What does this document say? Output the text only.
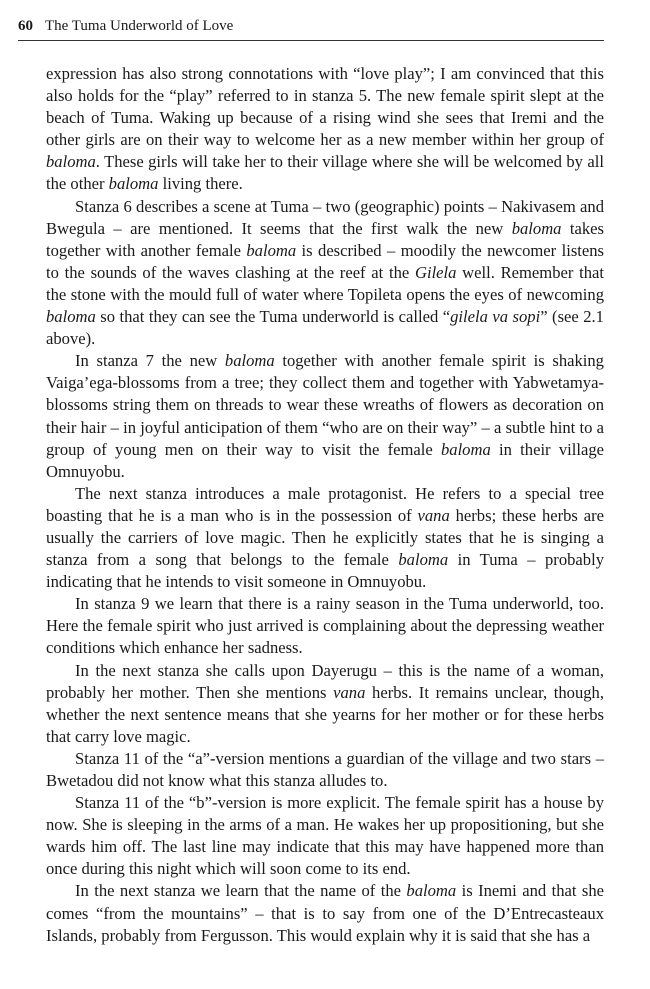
60 The Tuma Underworld of Love

expression has also strong connotations with “love play”; I am convinced that this also holds for the “play” referred to in stanza 5. The new female spirit slept at the beach of Tuma. Waking up because of a rising wind she sees that Iremi and the other girls are on their way to welcome her as a new member within her group of baloma. These girls will take her to their village where she will be welcomed by all the other baloma living there.

Stanza 6 describes a scene at Tuma – two (geographic) points – Nakivasem and Bwegula – are mentioned. It seems that the first walk the new baloma takes together with another female baloma is described – moodily the newcomer listens to the sounds of the waves clashing at the reef at the Gilela well. Remember that the stone with the mould full of water where Topileta opens the eyes of newcoming baloma so that they can see the Tuma underworld is called “gilela va sopi” (see 2.1 above).

In stanza 7 the new baloma together with another female spirit is shaking Vaiga’ega-blossoms from a tree; they collect them and together with Yabwetamya-blossoms string them on threads to wear these wreaths of flowers as decoration on their hair – in joyful anticipation of them “who are on their way” – a subtle hint to a group of young men on their way to visit the female baloma in their village Omnuyobu.

The next stanza introduces a male protagonist. He refers to a special tree boasting that he is a man who is in the possession of vana herbs; these herbs are usually the carriers of love magic. Then he explicitly states that he is singing a stanza from a song that belongs to the female baloma in Tuma – probably indicating that he intends to visit someone in Omnuyobu.

In stanza 9 we learn that there is a rainy season in the Tuma underworld, too. Here the female spirit who just arrived is complaining about the depressing weather conditions which enhance her sadness.

In the next stanza she calls upon Dayerugu – this is the name of a woman, probably her mother. Then she mentions vana herbs. It remains unclear, though, whether the next sentence means that she yearns for her mother or for these herbs that carry love magic.

Stanza 11 of the “a”-version mentions a guardian of the village and two stars – Bwetadou did not know what this stanza alludes to.

Stanza 11 of the “b”-version is more explicit. The female spirit has a house by now. She is sleeping in the arms of a man. He wakes her up propositioning, but she wards him off. The last line may indicate that this may have happened more than once during this night which will soon come to its end.

In the next stanza we learn that the name of the baloma is Inemi and that she comes “from the mountains” – that is to say from one of the D’Entrecasteaux Islands, probably from Fergusson. This would explain why it is said that she has a
